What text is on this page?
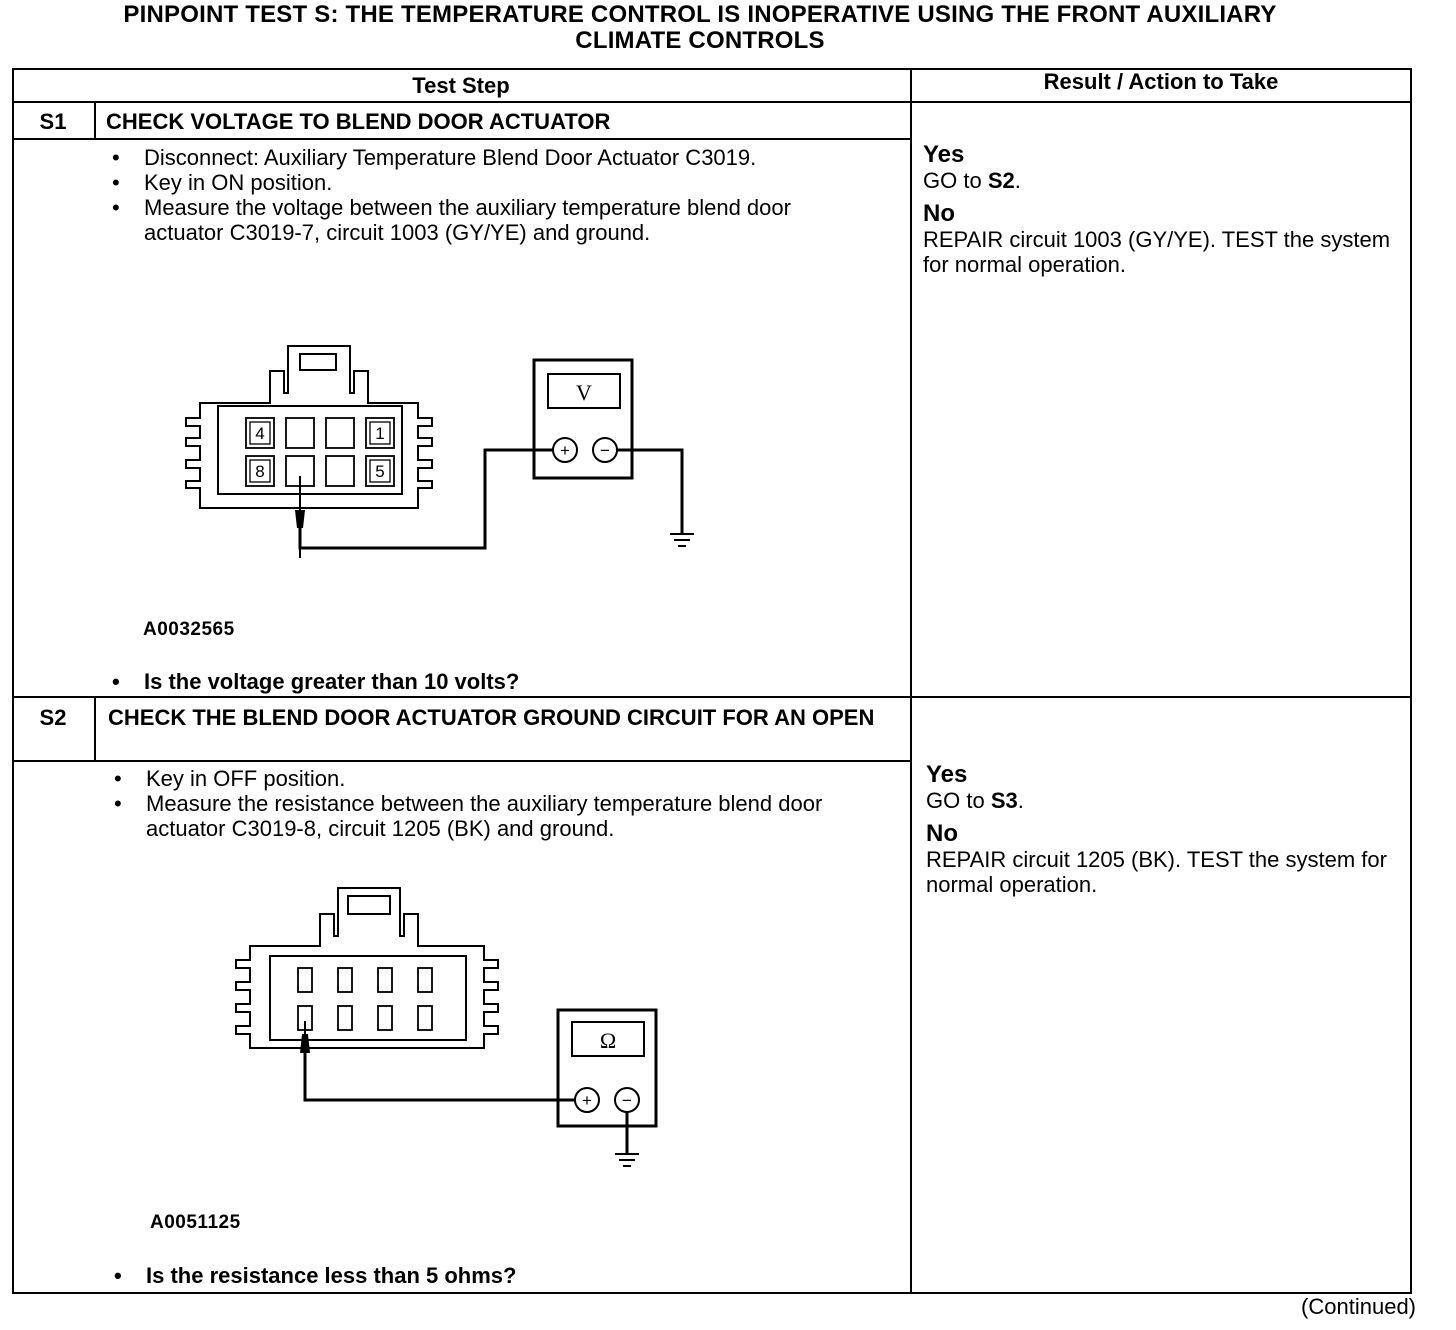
PINPOINT TEST S: THE TEMPERATURE CONTROL IS INOPERATIVE USING THE FRONT AUXILIARY
CLIMATE CONTROLS
Test Step	Result / Action to Take
S1	CHECK VOLTAGE TO BLEND DOOR ACTUATOR
• Disconnect: Auxiliary Temperature Blend Door Actuator C3019.
• Key in ON position.
• Measure the voltage between the auxiliary temperature blend door actuator C3019-7, circuit 1003 (GY/YE) and ground.
4	1
8	5
V
+ −
A0032565
• Is the voltage greater than 10 volts?
Yes
GO to S2.
No
REPAIR circuit 1003 (GY/YE). TEST the system for normal operation.
S2	CHECK THE BLEND DOOR ACTUATOR GROUND CIRCUIT FOR AN OPEN
• Key in OFF position.
• Measure the resistance between the auxiliary temperature blend door actuator C3019-8, circuit 1205 (BK) and ground.
Ω
+ −
A0051125
• Is the resistance less than 5 ohms?
Yes
GO to S3.
No
REPAIR circuit 1205 (BK). TEST the system for normal operation.
(Continued)
